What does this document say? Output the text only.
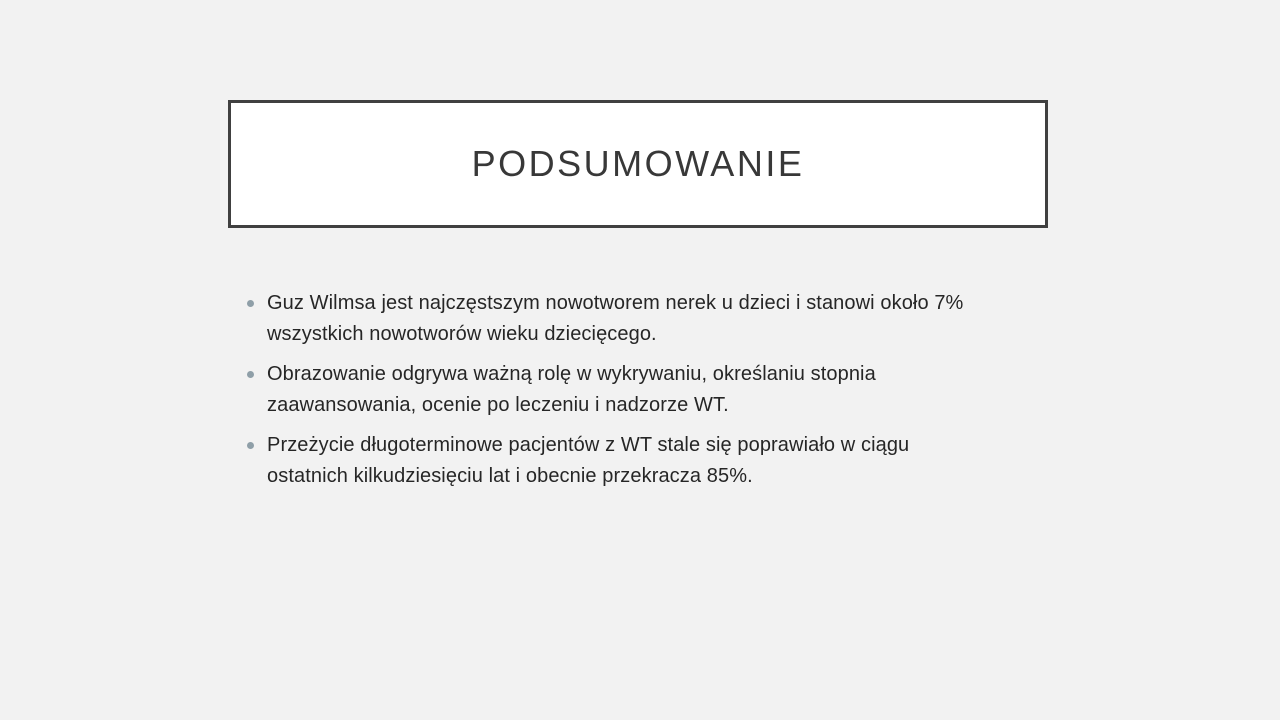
PODSUMOWANIE
Guz Wilmsa jest najczęstszym nowotworem nerek u dzieci i stanowi około 7%
wszystkich nowotworów wieku dziecięcego.
Obrazowanie odgrywa ważną rolę w wykrywaniu, określaniu stopnia
zaawansowania, ocenie po leczeniu i nadzorze WT.
Przeżycie długoterminowe pacjentów z WT stale się poprawiało w ciągu
ostatnich kilkudziesięciu lat i obecnie przekracza 85%.
